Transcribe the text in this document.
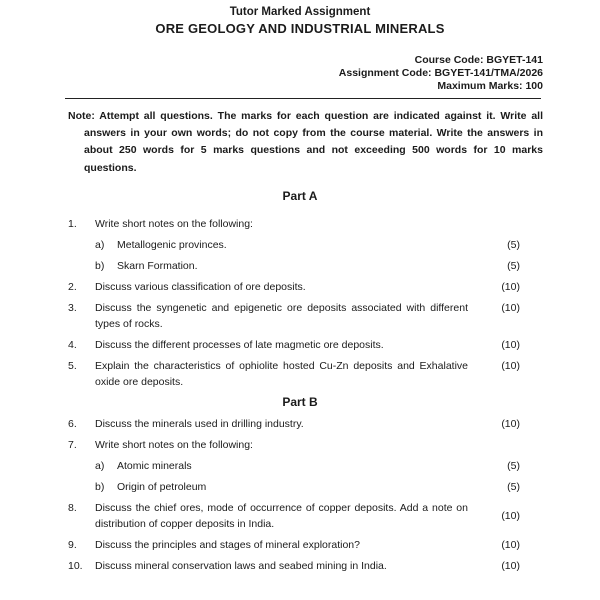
Tutor Marked Assignment
ORE GEOLOGY AND INDUSTRIAL MINERALS
Course Code: BGYET-141
Assignment Code: BGYET-141/TMA/2026
Maximum Marks: 100

Note: Attempt all questions. The marks for each question are indicated against it. Write all answers in your own words; do not copy from the course material. Write the answers in about 250 words for 5 marks questions and not exceeding 500 words for 10 marks questions.

Part A
1.	Write short notes on the following:
a)	Metallogenic provinces.	(5)
b)	Skarn Formation.	(5)
2.	Discuss various classification of ore deposits.	(10)
3.	Discuss the syngenetic and epigenetic ore deposits associated with different types of rocks.
(10)
4.	Discuss the different processes of late magmetic ore deposits.	(10)
5.	Explain the characteristics of ophiolite hosted Cu-Zn deposits and Exhalative oxide ore deposits.
(10)
Part B
6.	Discuss the minerals used in drilling industry.	(10)
7.	Write short notes on the following:
a)	Atomic minerals	(5)
b)	Origin of petroleum	(5)
8.	Discuss the chief ores, mode of occurrence of copper deposits. Add a note on distribution of copper deposits in India.
(10)
9.	Discuss the principles and stages of mineral exploration?	(10)
10.	Discuss mineral conservation laws and seabed mining in India.	(10)
